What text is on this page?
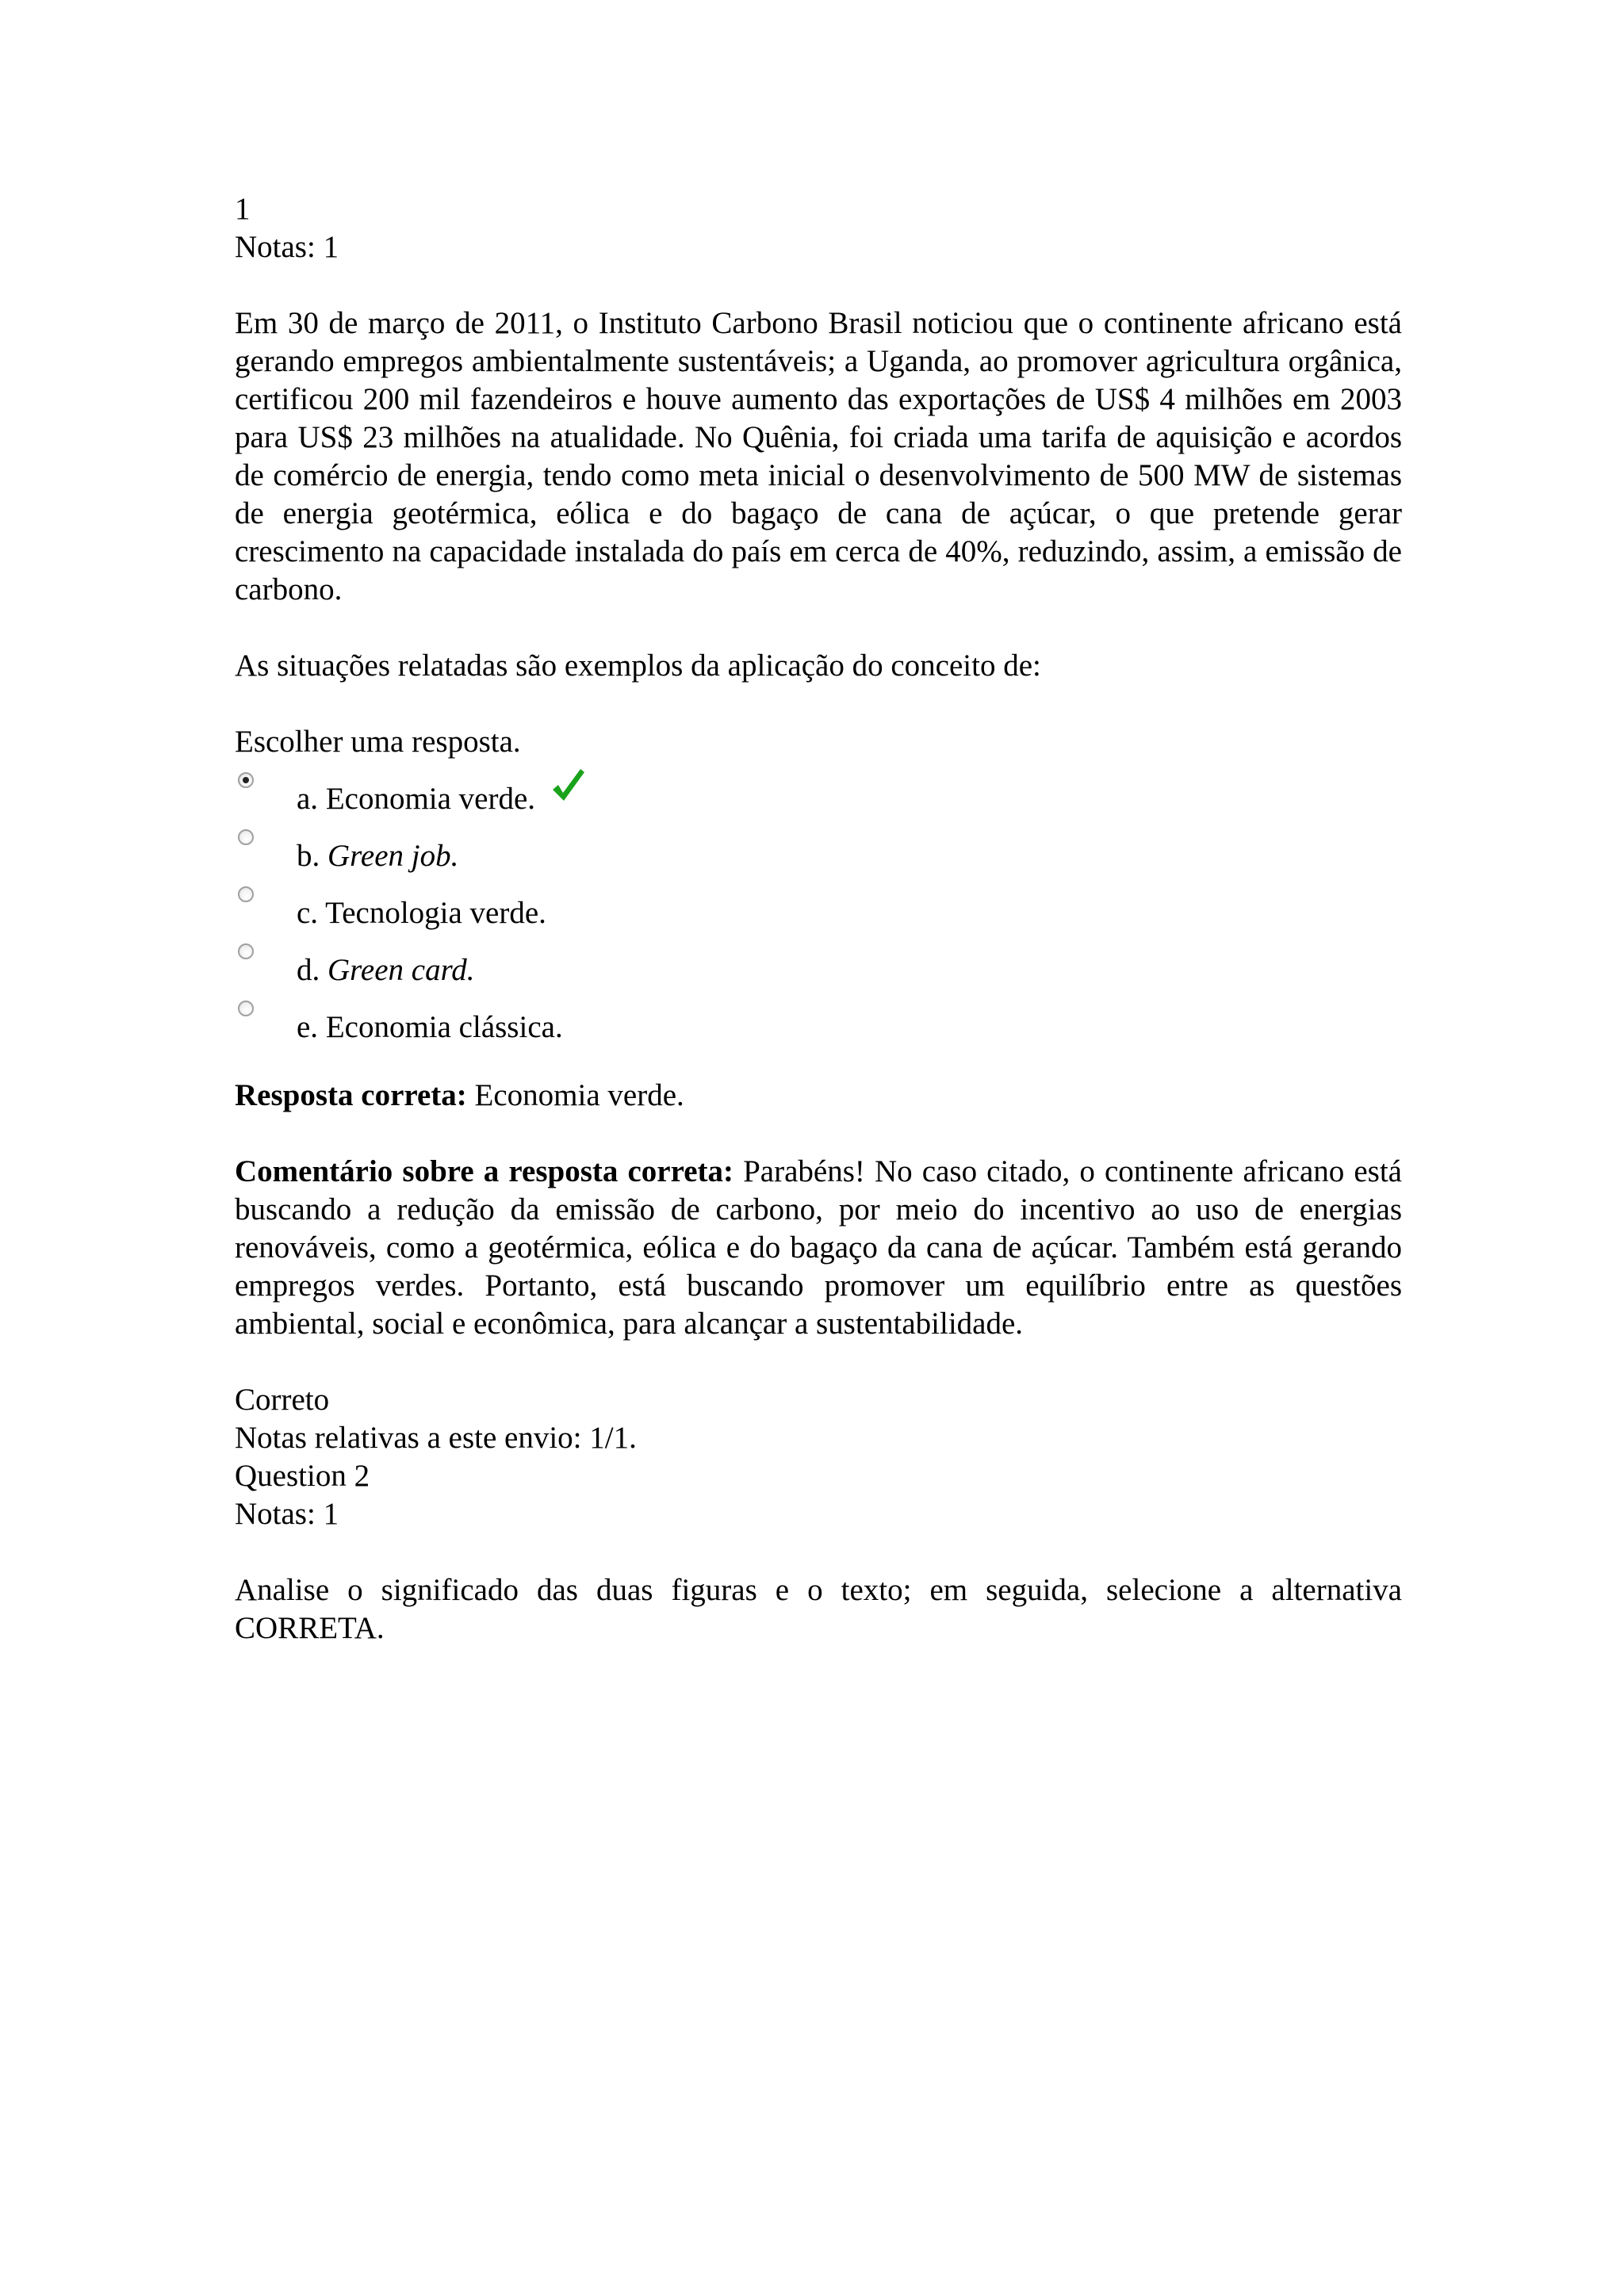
1
Notas: 1

Em 30 de março de 2011, o Instituto Carbono Brasil noticiou que o continente africano está gerando empregos ambientalmente sustentáveis; a Uganda, ao promover agricultura orgânica, certificou 200 mil fazendeiros e houve aumento das exportações de US$ 4 milhões em 2003 para US$ 23 milhões na atualidade. No Quênia, foi criada uma tarifa de aquisição e acordos de comércio de energia, tendo como meta inicial o desenvolvimento de 500 MW de sistemas de energia geotérmica, eólica e do bagaço de cana de açúcar, o que pretende gerar crescimento na capacidade instalada do país em cerca de 40%, reduzindo, assim, a emissão de carbono.

As situações relatadas são exemplos da aplicação do conceito de:

Escolher uma resposta.

a. Economia verde.
b. Green job.
c. Tecnologia verde.
d. Green card.
e. Economia clássica.

Resposta correta: Economia verde.

Comentário sobre a resposta correta: Parabéns! No caso citado, o continente africano está buscando a redução da emissão de carbono, por meio do incentivo ao uso de energias renováveis, como a geotérmica, eólica e do bagaço da cana de açúcar. Também está gerando empregos verdes. Portanto, está buscando promover um equilíbrio entre as questões ambiental, social e econômica, para alcançar a sustentabilidade.

Correto
Notas relativas a este envio: 1/1.
Question 2
Notas: 1

Analise o significado das duas figuras e o texto; em seguida, selecione a alternativa CORRETA.
